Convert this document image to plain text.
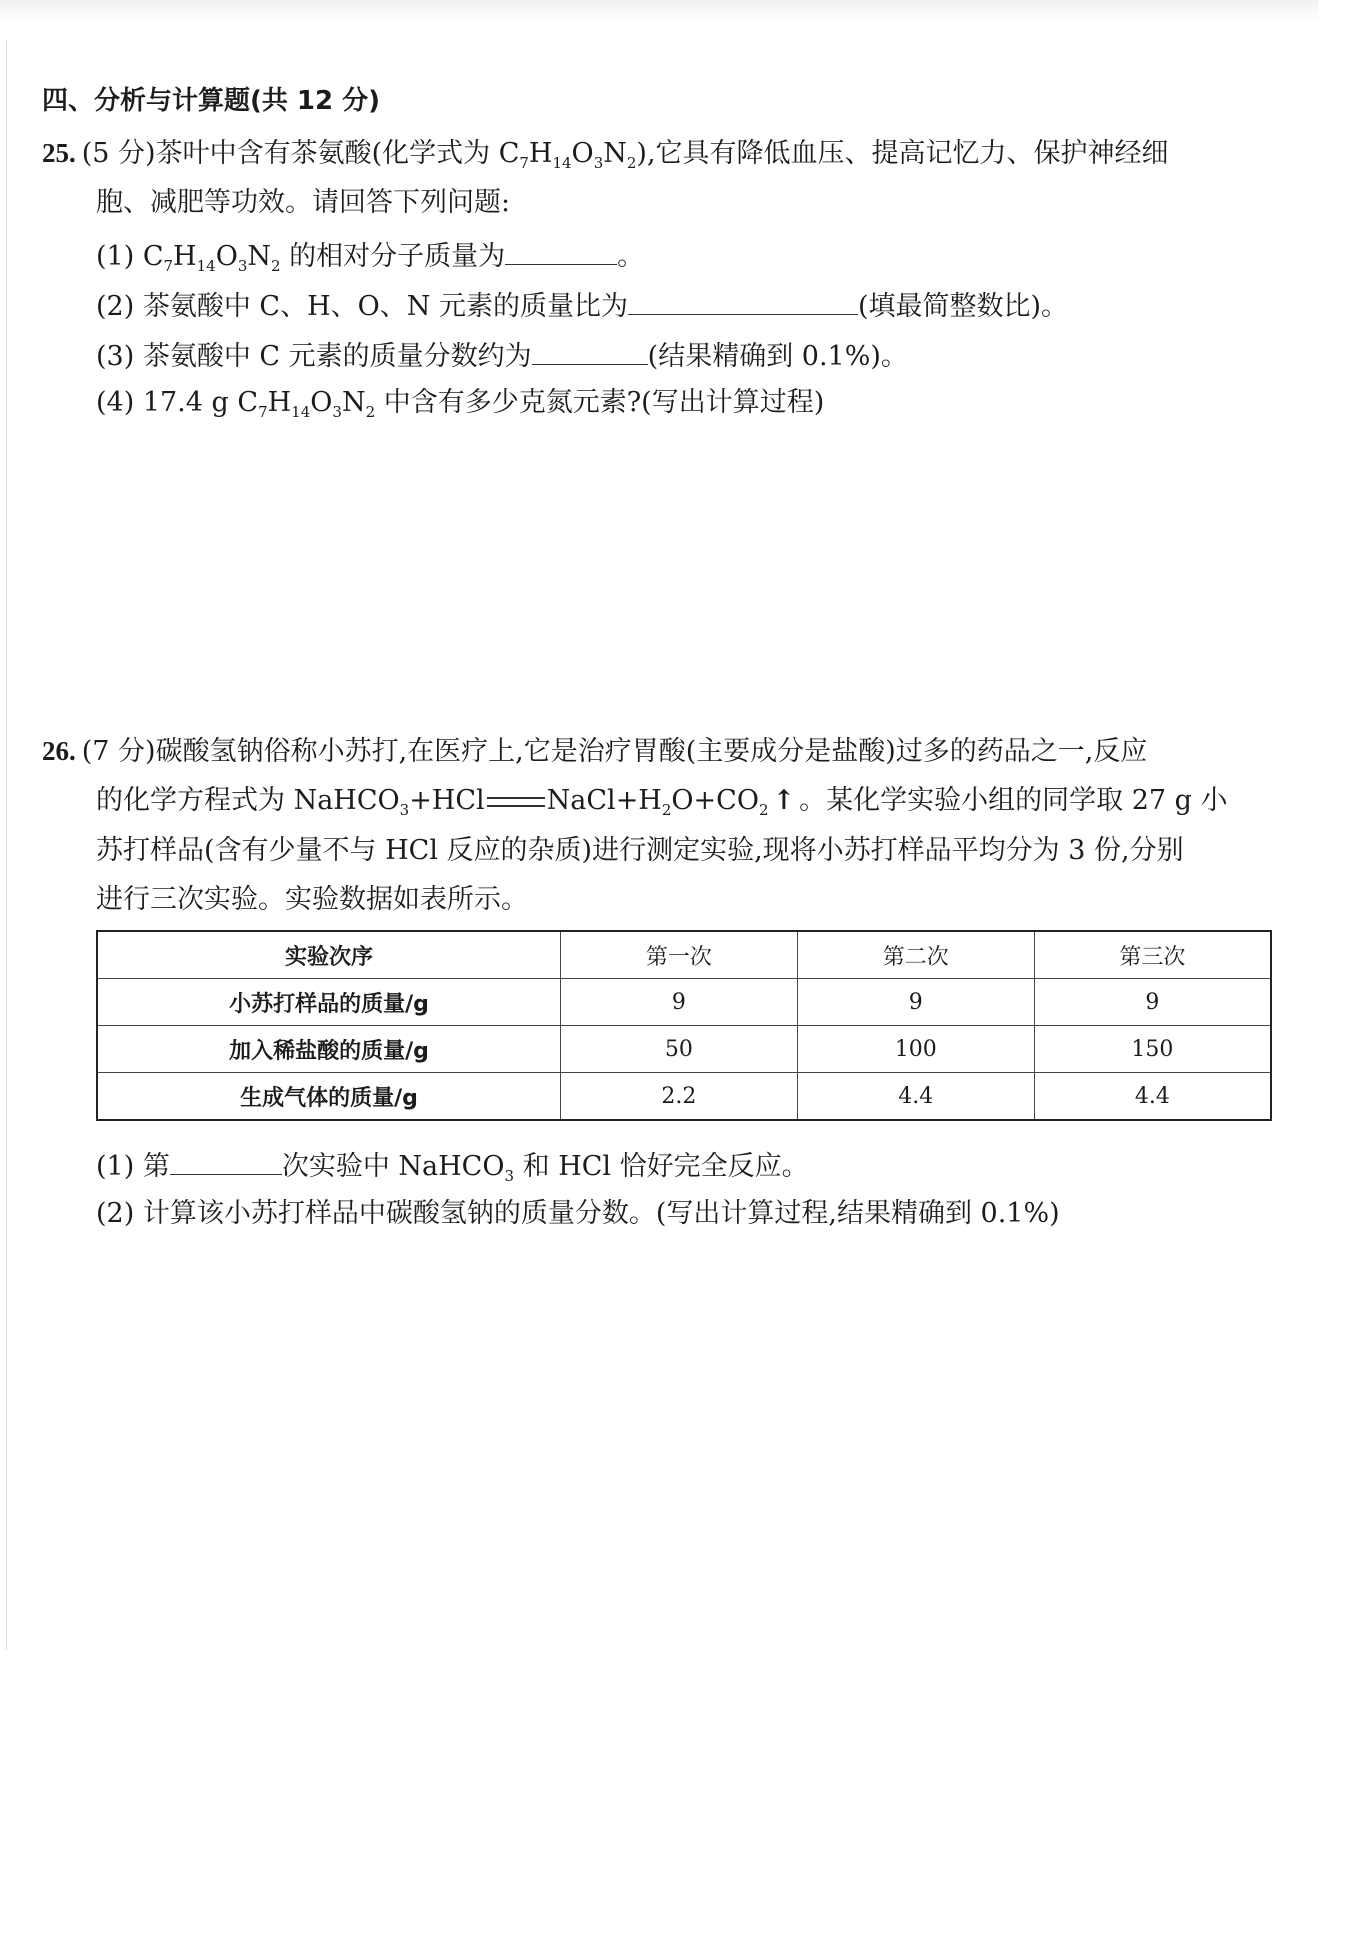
四、分析与计算题(共 12 分)
25. (5 分)茶叶中含有茶氨酸(化学式为 $C_7H_{14}O_3N_2$),它具有降低血压、提高记忆力、保护神经细
胞、减肥等功效。请回答下列问题:
(1) $C_7H_{14}O_3N_2$ 的相对分子质量为	。
(2) 茶氨酸中 C、H、O、N 元素的质量比为	(填最简整数比)。
(3) 茶氨酸中 C 元素的质量分数约为	(结果精确到 0.1%)。
(4) 17.4 g $C_7H_{14}O_3N_2$ 中含有多少克氮元素?(写出计算过程)
26. (7 分)碳酸氢钠俗称小苏打,在医疗上,它是治疗胃酸(主要成分是盐酸)过多的药品之一,反应
的化学方程式为 NaHCO$_3$+HCl $NaCl+H_2O+CO_2$ ↑ 。某化学实验小组的同学取 27 g 小
苏打样品(含有少量不与 HCl 反应的杂质)进行测定实验,现将小苏打样品平均分为 3 份,分别
进行三次实验。实验数据如表所示。
实验次序	第一次	第二次	第三次
小苏打样品的质量/g	9	9	9
加入稀盐酸的质量/g	50	100	150
生成气体的质量/g	2.2	4.4	4.4
(1) 第	次实验中 NaHCO$_3$ 和 HCl 恰好完全反应。
(2) 计算该小苏打样品中碳酸氢钠的质量分数。(写出计算过程,结果精确到 0.1%)
